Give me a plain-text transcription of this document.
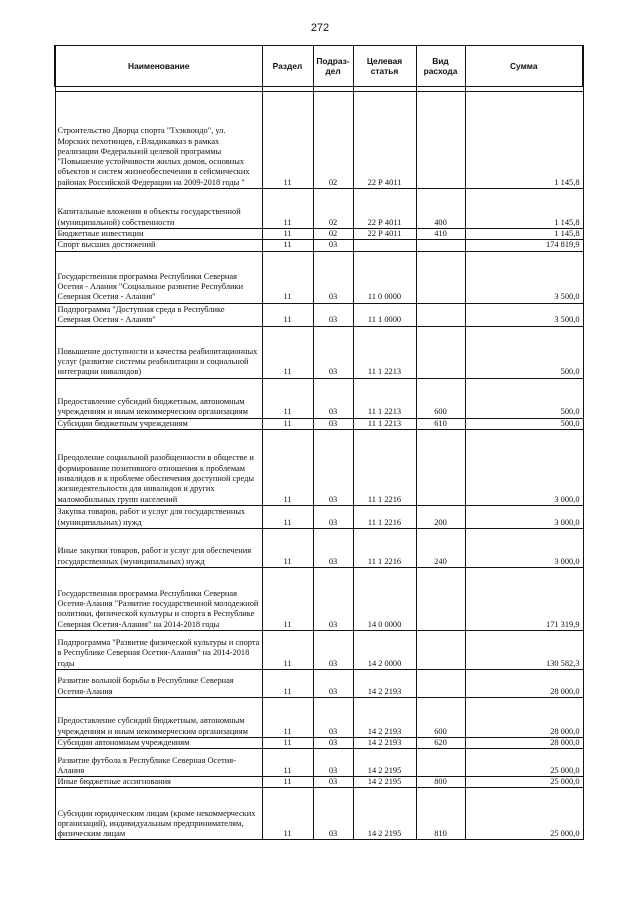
272
Наименование	Раздел	Подраз-дел	Целевая статья	Вид расхода	Сумма

Строительство Дворца спорта "Тхэквондо", ул. Морских пехотинцев, г.Владикавказ в рамках реализации Федеральной целевой программы "Повышение устойчивости жилых домов, основных объектов и систем жизнеобеспечения в сейсмических районах Российской Федерации на 2009-2018 годы "	11	02	22 Р 4011		1 145,8
Капитальные вложения в объекты государственной (муниципальной) собственности	11	02	22 Р 4011	400	1 145,8
Бюджетные инвестиции	11	02	22 Р 4011	410	1 145,8
Спорт высших достижений	11	03			174 819,9
Государственная программа Республики Северная Осетия - Алания "Социальное развитие Республики Северная Осетия - Алания"	11	03	11 0 0000		3 500,0
Подпрограмма "Доступная среда в Республике Северная Осетия - Алания"	11	03	11 1 0000		3 500,0
Повышение доступности и качества реабилитационных услуг (развитие системы реабилитации и социальной интеграции инвалидов)	11	03	11 1 2213		500,0
Предоставление субсидий бюджетным, автономным учреждениям и иным некоммерческим организациям	11	03	11 1 2213	600	500,0
Субсидии бюджетным учреждениям	11	03	11 1 2213	610	500,0
Преодоление социальной разобщенности в обществе и формирование позитивного отношения к проблемам инвалидов и к проблеме обеспечения доступной среды жизнедеятельности для инвалидов и других маломобильных групп населений	11	03	11 1 2216		3 000,0
Закупка товаров, работ и услуг для государственных (муниципальных) нужд	11	03	11 1 2216	200	3 000,0
Иные закупки товаров, работ и услуг для обеспечения государственных (муниципальных) нужд	11	03	11 1 2216	240	3 000,0
Государственная программа Республики Северная Осетия-Алания "Развитие государственной молодежной политики, физической культуры и спорта в Республике Северная Осетия-Алания" на 2014-2018 годы	11	03	14 0 0000		171 319,9
Подпрограмма "Развитие физической культуры и спорта в Республике Северная Осетия-Алания" на 2014-2018 годы	11	03	14 2 0000		130 582,3
Развитие вольной борьбы в Республике Северная Осетия-Алания	11	03	14 2 2193		28 000,0
Предоставление субсидий бюджетным, автономным учреждениям и иным некоммерческим организациям	11	03	14 2 2193	600	28 000,0
Субсидии автономным учреждениям	11	03	14 2 2193	620	28 000,0
Развитие футбола в Республике Северная Осетия-Алания	11	03	14 2 2195		25 000,0
Иные бюджетные ассигнования	11	03	14 2 2195	800	25 000,0
Субсидии юридическим лицам (кроме некоммерческих организаций), индивидуальным предпринимателям, физическим лицам	11	03	14 2 2195	810	25 000,0
